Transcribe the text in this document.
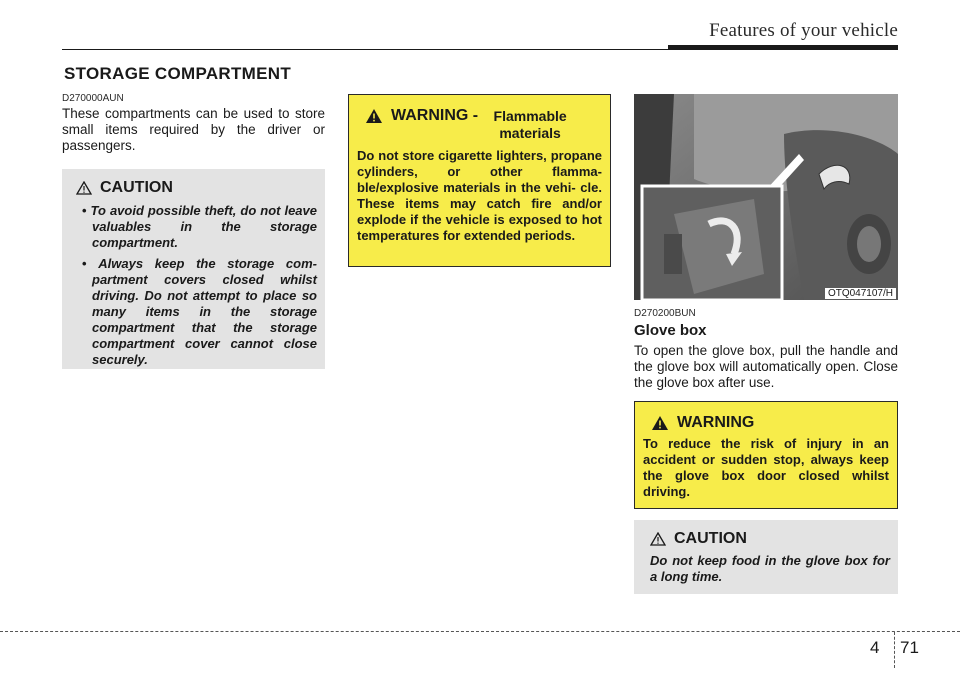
Features of your vehicle
STORAGE COMPARTMENT
D270000AUN
These compartments can be used to store small items required by the driver or passengers.
CAUTION
• To avoid possible theft, do not leave valuables in the storage compartment.
• Always keep the storage com- partment covers closed whilst driving. Do not attempt to place so many items in the storage compartment that the storage compartment cover cannot close securely.
WARNING -	Flammable materials
Do not store cigarette lighters, propane cylinders, or other flamma- ble/explosive materials in the vehi- cle. These items may catch fire and/or explode if the vehicle is exposed to hot temperatures for extended periods.
OTQ047107/H
D270200BUN
Glove box
To open the glove box, pull the handle and the glove box will automatically open. Close the glove box after use.
WARNING
To reduce the risk of injury in an accident or sudden stop, always keep the glove box door closed whilst driving.
CAUTION
Do not keep food in the glove box for a long time.
4 71
